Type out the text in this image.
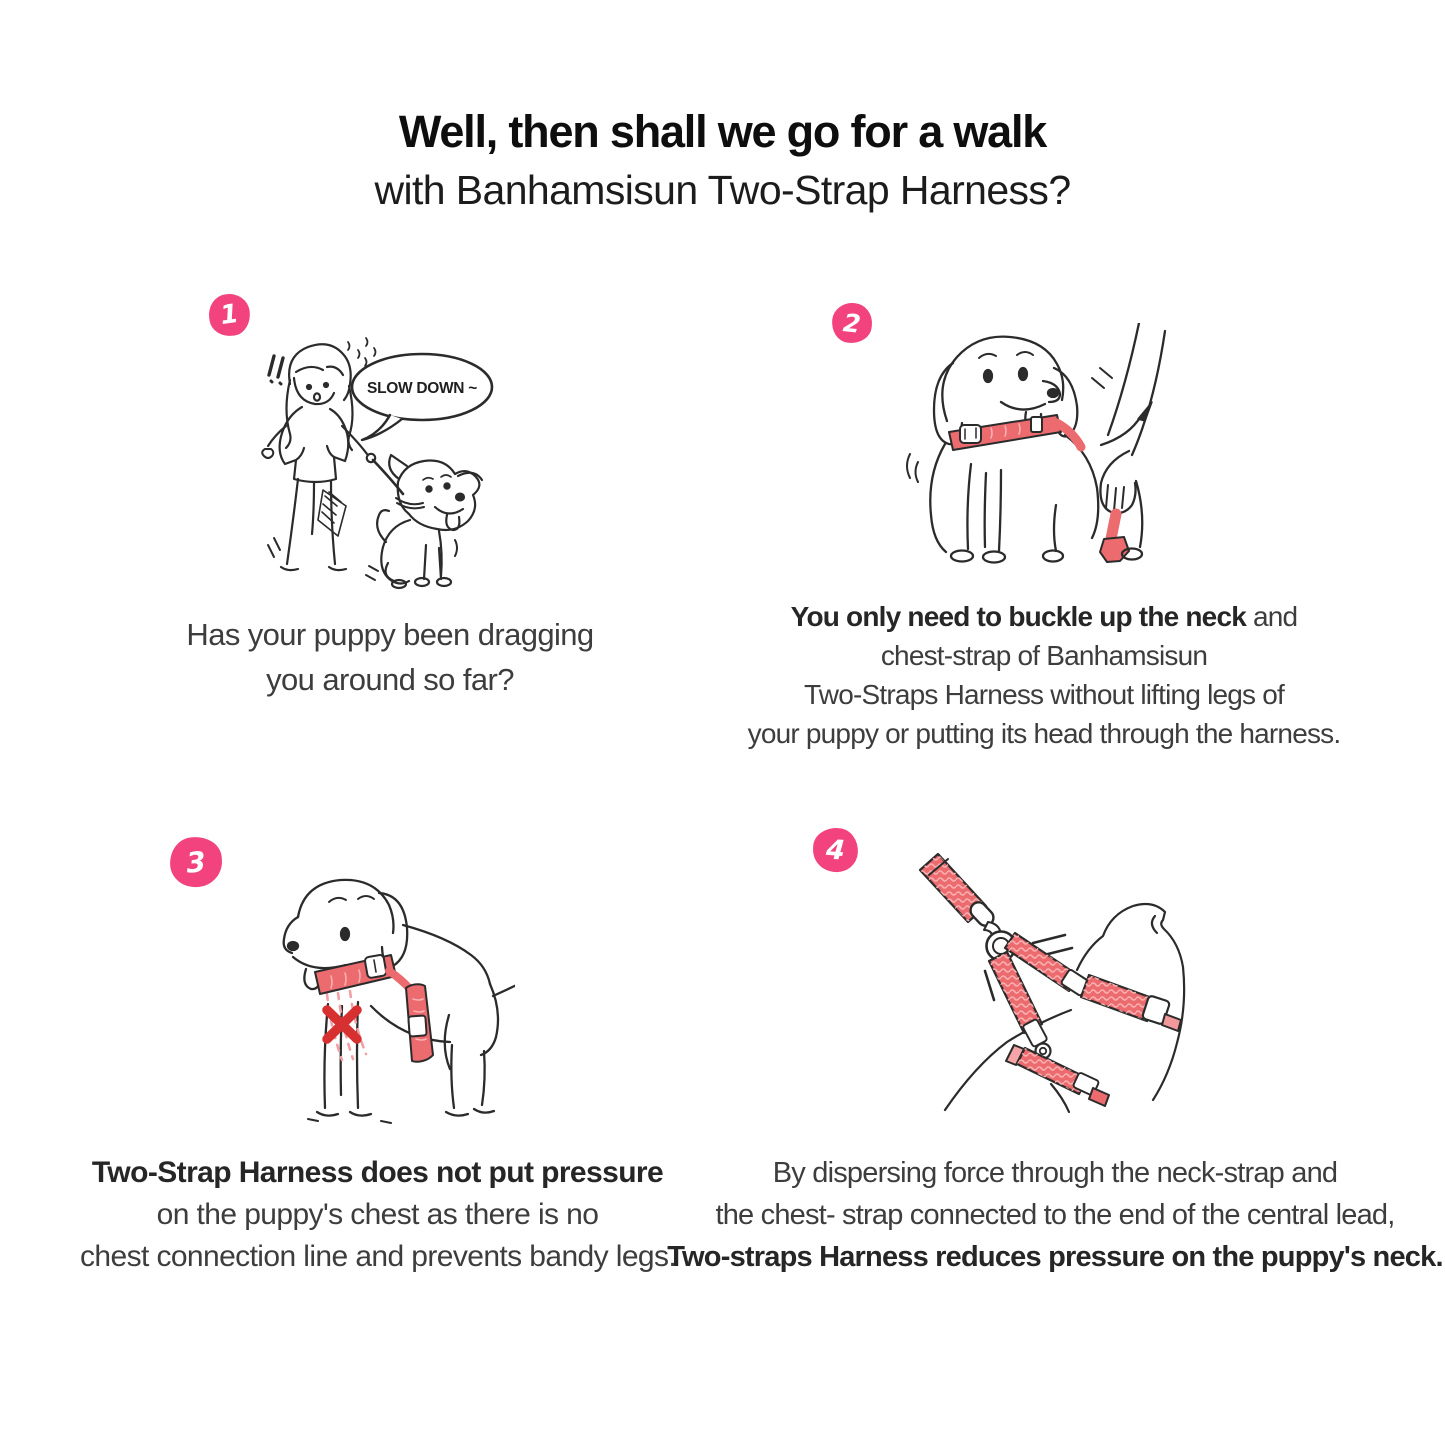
Well, then shall we go for a walk
with Banhamsisun Two-Strap Harness?
1	2
3	4
SLOW DOWN ~
Has your puppy been dragging
you around so far?
You only need to buckle up the neck and
chest-strap of Banhamsisun
Two-Straps Harness without lifting legs of
your puppy or putting its head through the harness.
Two-Strap Harness does not put pressure
on the puppy's chest as there is no
chest connection line and prevents bandy legs.
By dispersing force through the neck-strap and
the chest- strap connected to the end of the central lead,
Two-straps Harness reduces pressure on the puppy's neck.
